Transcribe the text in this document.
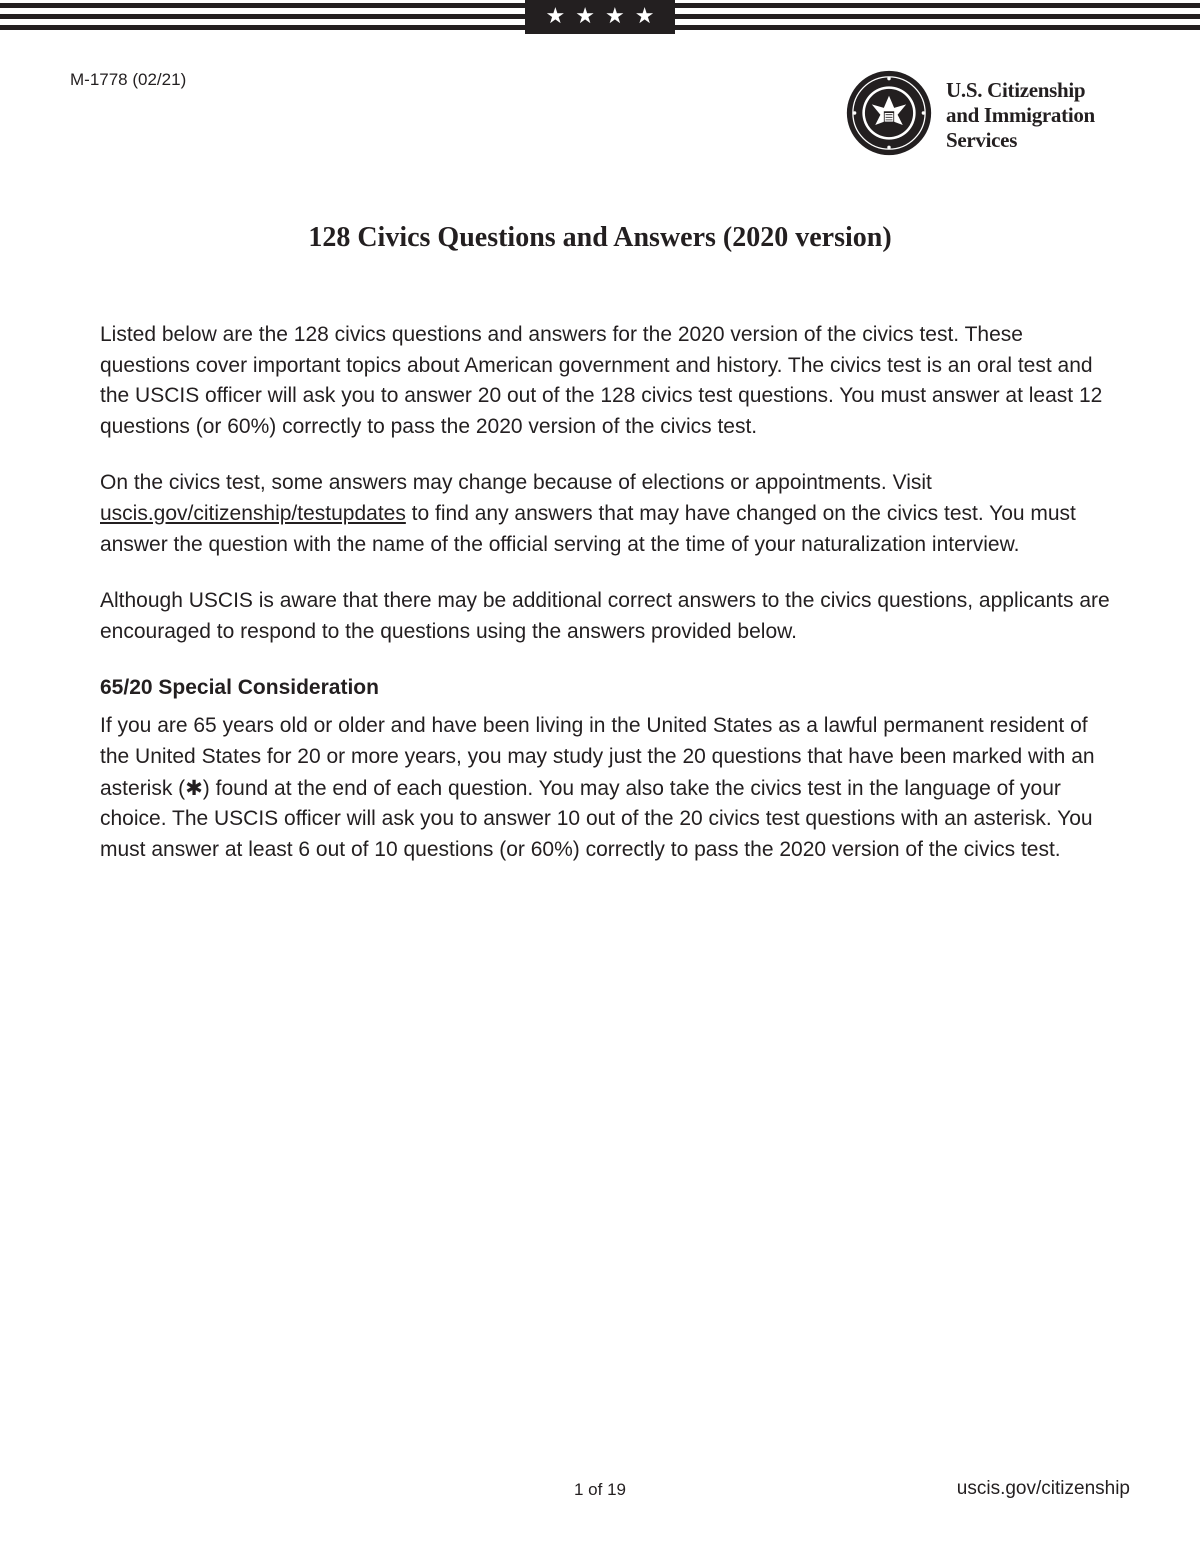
★ ★ ★ ★
M-1778 (02/21)	U.S. Citizenship
and Immigration
Services
128 Civics Questions and Answers (2020 version)

Listed below are the 128 civics questions and answers for the 2020 version of the civics test. These questions cover important topics about American government and history. The civics test is an oral test and the USCIS officer will ask you to answer 20 out of the 128 civics test questions. You must answer at least 12 questions (or 60%) correctly to pass the 2020 version of the civics test.

On the civics test, some answers may change because of elections or appointments. Visit uscis.gov/citizenship/testupdates to find any answers that may have changed on the civics test. You must answer the question with the name of the official serving at the time of your naturalization interview.

Although USCIS is aware that there may be additional correct answers to the civics questions, applicants are encouraged to respond to the questions using the answers provided below.

65/20 Special Consideration

If you are 65 years old or older and have been living in the United States as a lawful permanent resident of the United States for 20 or more years, you may study just the 20 questions that have been marked with an asterisk (✱) found at the end of each question. You may also take the civics test in the language of your choice. The USCIS officer will ask you to answer 10 out of the 20 civics test questions with an asterisk. You must answer at least 6 out of 10 questions (or 60%) correctly to pass the 2020 version of the civics test.

1 of 19	uscis.gov/citizenship
